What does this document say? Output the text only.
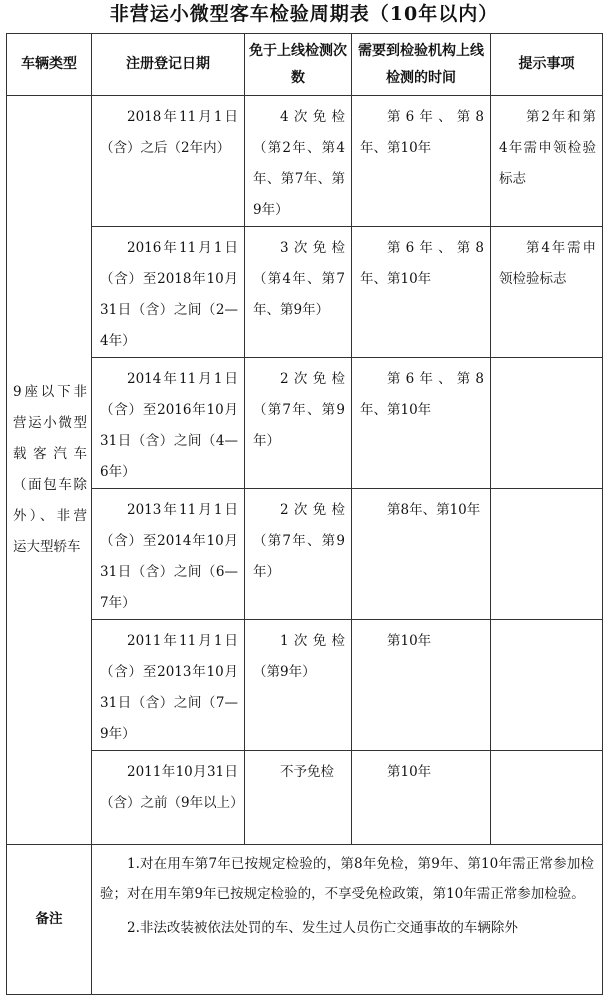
非营运小微型客车检验周期表（10年以内）
车辆类型	注册登记日期	免于上线检测次数	需要到检验机构上线检测的时间	提示事项

9座以下非营运小微型载客汽车（面包车除外）、非营运大型轿车	2018年11月1日（含）之后（2年内）	4次免检（第2年、第4年、第7年、第9年）	第6年、第8年、第10年	第2年和第4年需申领检验标志

	2016年11月1日（含）至2018年10月31日（含）之间（2—4年）	3次免检（第4年、第7年、第9年）	第6年、第8年、第10年	第4年需申领检验标志

	2014年11月1日（含）至2016年10月31日（含）之间（4—6年）	2次免检（第7年、第9年）	第6年、第8年、第10年	

	2013年11月1日（含）至2014年10月31日（含）之间（6—7年）	2次免检（第7年、第9年）	第8年、第10年	

	2011年11月1日（含）至2013年10月31日（含）之间（7—9年）	1次免检（第9年）	第10年	

	2011年10月31日（含）之前（9年以上）	不予免检	第10年	

备注	1.对在用车第7年已按规定检验的，第8年免检，第9年、第10年需正常参加检验；对在用车第9年已按规定检验的，不享受免检政策，第10年需正常参加检验。
2.非法改装被依法处罚的车、发生过人员伤亡交通事故的车辆除外			
